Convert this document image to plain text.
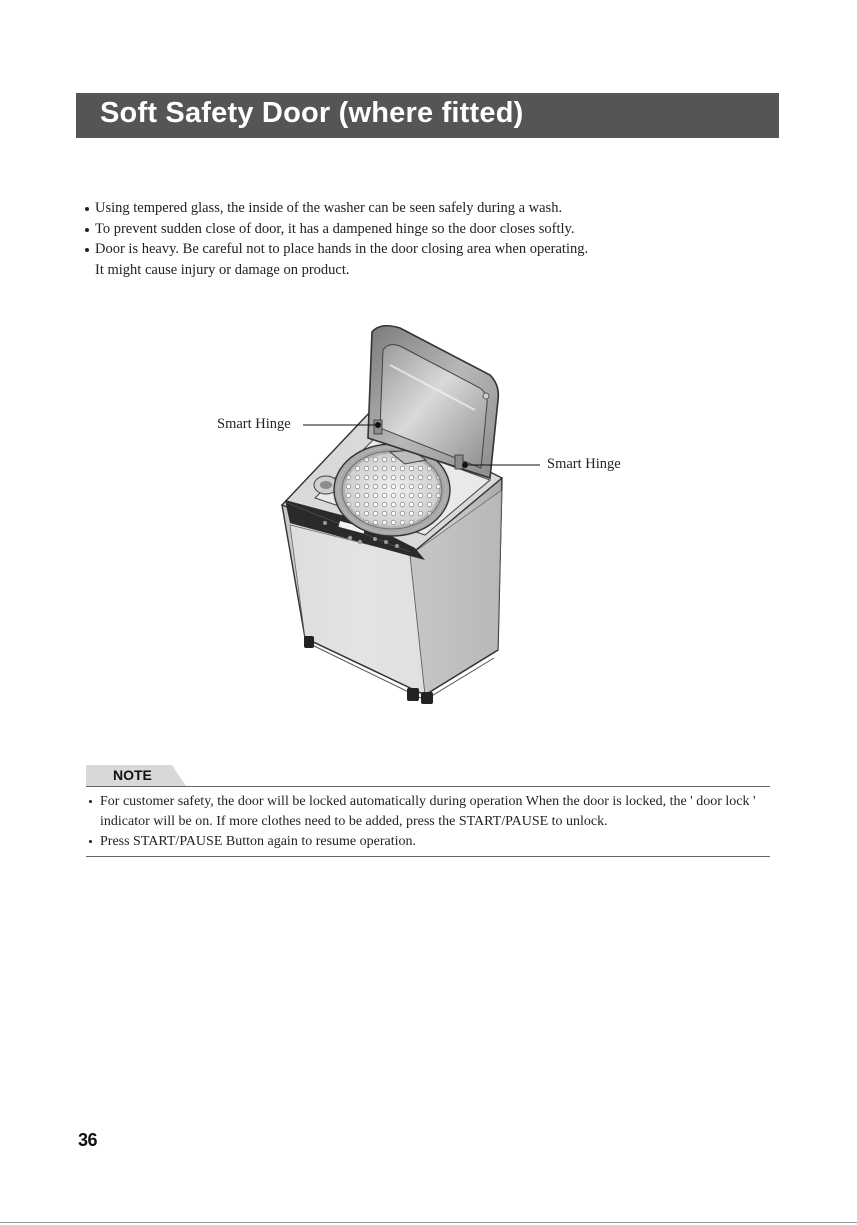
Soft Safety Door (where fitted)
Using tempered glass, the inside of the washer can be seen safely during a wash.
To prevent sudden close of door, it has a dampened hinge so the door closes softly.
Door is heavy. Be careful not to place hands in the door closing area when operating.
It might cause injury or damage on product.
Smart Hinge
Smart Hinge
NOTE
For customer safety, the door will be locked automatically during operation When the door is locked, the ' door lock ' indicator will be on. If more clothes need to be added, press the START/PAUSE to unlock.
Press START/PAUSE Button again to resume operation.
36
